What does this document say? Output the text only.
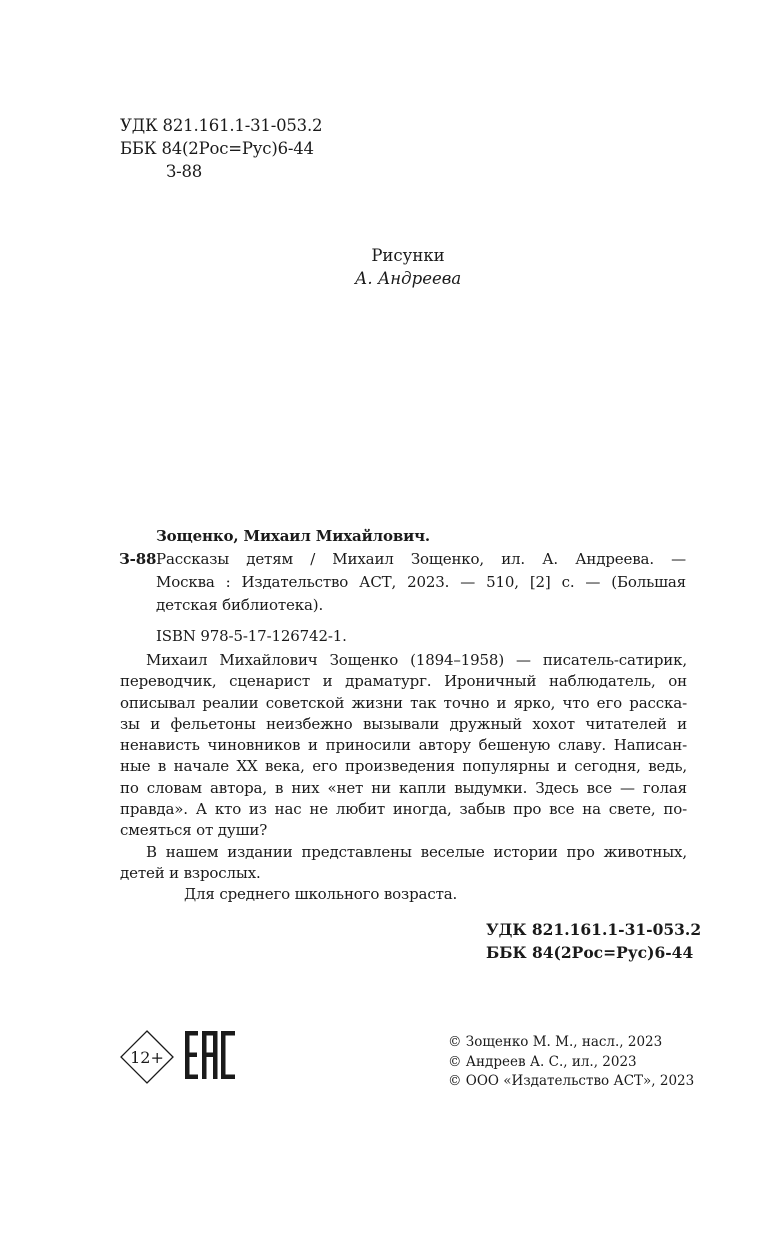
УДК 821.161.1-31-053.2
ББК 84(2Рос=Рус)6-44
З-88
Рисунки
А. Андреева
Зощенко, Михаил Михайлович.
З-88 Рассказы детям / Михаил Зощенко, ил. А. Андреева. —
Москва : Издательство АСТ, 2023. — 510, [2] с. — (Большая
детская библиотека).
ISBN 978-5-17-126742-1.
Михаил Михайлович Зощенко (1894–1958) — писатель-сатирик,
переводчик, сценарист и драматург. Ироничный наблюдатель, он
описывал реалии советской жизни так точно и ярко, что его расска-
зы и фельетоны неизбежно вызывали дружный хохот читателей и
ненависть чиновников и приносили автору бешеную славу. Написан-
ные в начале XX века, его произведения популярны и сегодня, ведь,
по словам автора, в них «нет ни капли выдумки. Здесь все — голая
правда». А кто из нас не любит иногда, забыв про все на свете, по-
смеяться от души?
В нашем издании представлены веселые истории про животных,
детей и взрослых.
Для среднего школьного возраста.
УДК 821.161.1-31-053.2
ББК 84(2Рос=Рус)6-44
12+
© Зощенко М. М., насл., 2023
© Андреев А. С., ил., 2023
© ООО «Издательство АСТ», 2023
